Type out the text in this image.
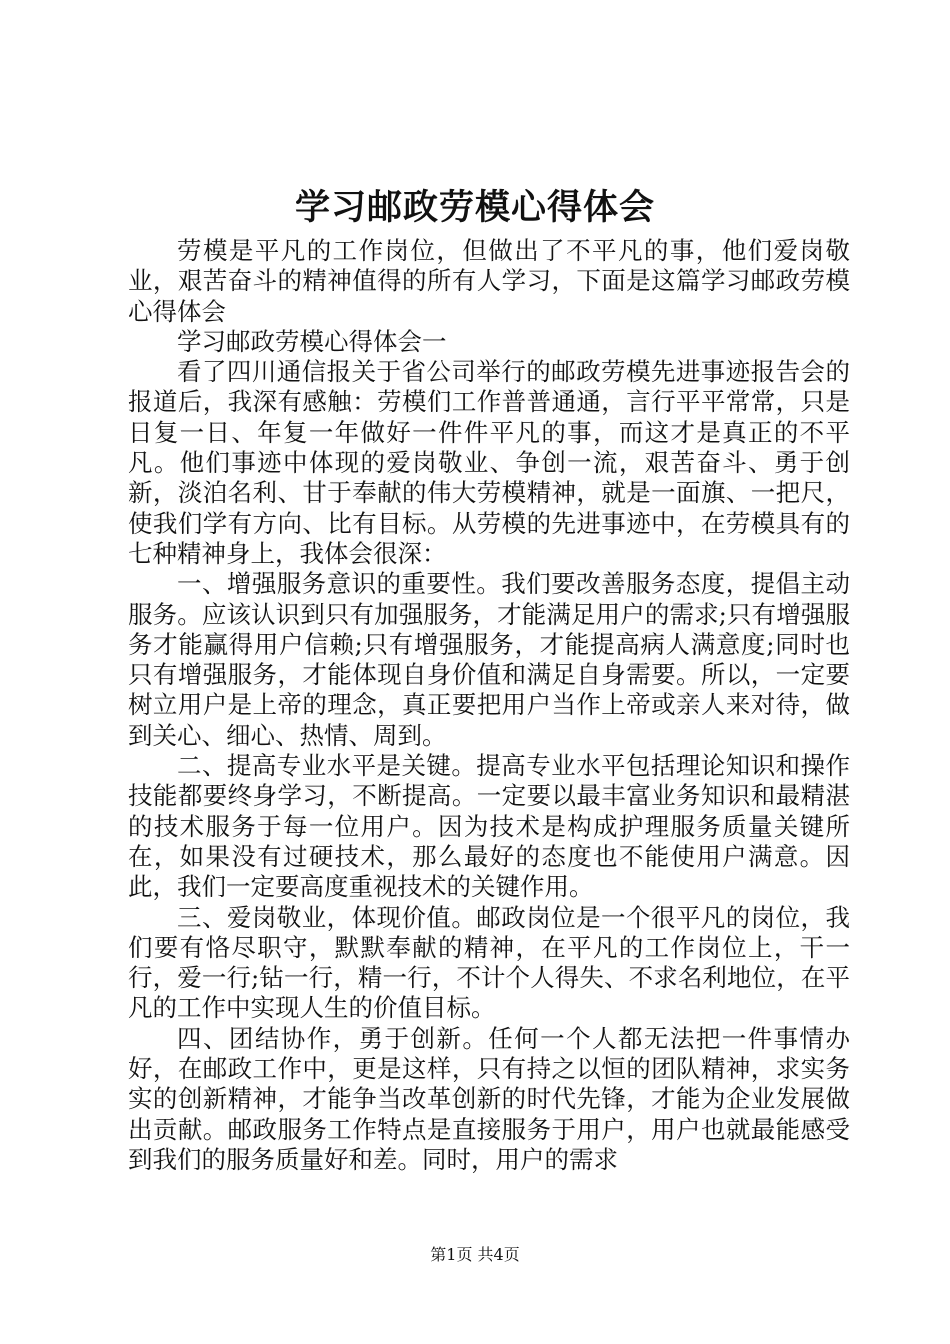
学习邮政劳模心得体会

劳模是平凡的工作岗位，但做出了不平凡的事，他们爱岗敬业，艰苦奋斗的精神值得的所有人学习，下面是这篇学习邮政劳模心得体会

学习邮政劳模心得体会一

看了四川通信报关于省公司举行的邮政劳模先进事迹报告会的报道后，我深有感触：劳模们工作普普通通，言行平平常常，只是日复一日、年复一年做好一件件平凡的事，而这才是真正的不平凡。他们事迹中体现的爱岗敬业、争创一流，艰苦奋斗、勇于创新，淡泊名利、甘于奉献的伟大劳模精神，就是一面旗、一把尺，使我们学有方向、比有目标。从劳模的先进事迹中，在劳模具有的七种精神身上，我体会很深：

一、增强服务意识的重要性。我们要改善服务态度，提倡主动服务。应该认识到只有加强服务，才能满足用户的需求;只有增强服务才能赢得用户信赖;只有增强服务，才能提高病人满意度;同时也只有增强服务，才能体现自身价值和满足自身需要。所以，一定要树立用户是上帝的理念，真正要把用户当作上帝或亲人来对待，做到关心、细心、热情、周到。

二、提高专业水平是关键。提高专业水平包括理论知识和操作技能都要终身学习，不断提高。一定要以最丰富业务知识和最精湛的技术服务于每一位用户。因为技术是构成护理服务质量关键所在，如果没有过硬技术，那么最好的态度也不能使用户满意。因此，我们一定要高度重视技术的关键作用。

三、爱岗敬业，体现价值。邮政岗位是一个很平凡的岗位，我们要有恪尽职守，默默奉献的精神，在平凡的工作岗位上，干一行，爱一行;钻一行，精一行，不计个人得失、不求名利地位，在平凡的工作中实现人生的价值目标。

四、团结协作，勇于创新。任何一个人都无法把一件事情办好，在邮政工作中，更是这样，只有持之以恒的团队精神，求实务实的创新精神，才能争当改革创新的时代先锋，才能为企业发展做出贡献。邮政服务工作特点是直接服务于用户，用户也就最能感受到我们的服务质量好和差。同时，用户的需求

第1页 共4页
